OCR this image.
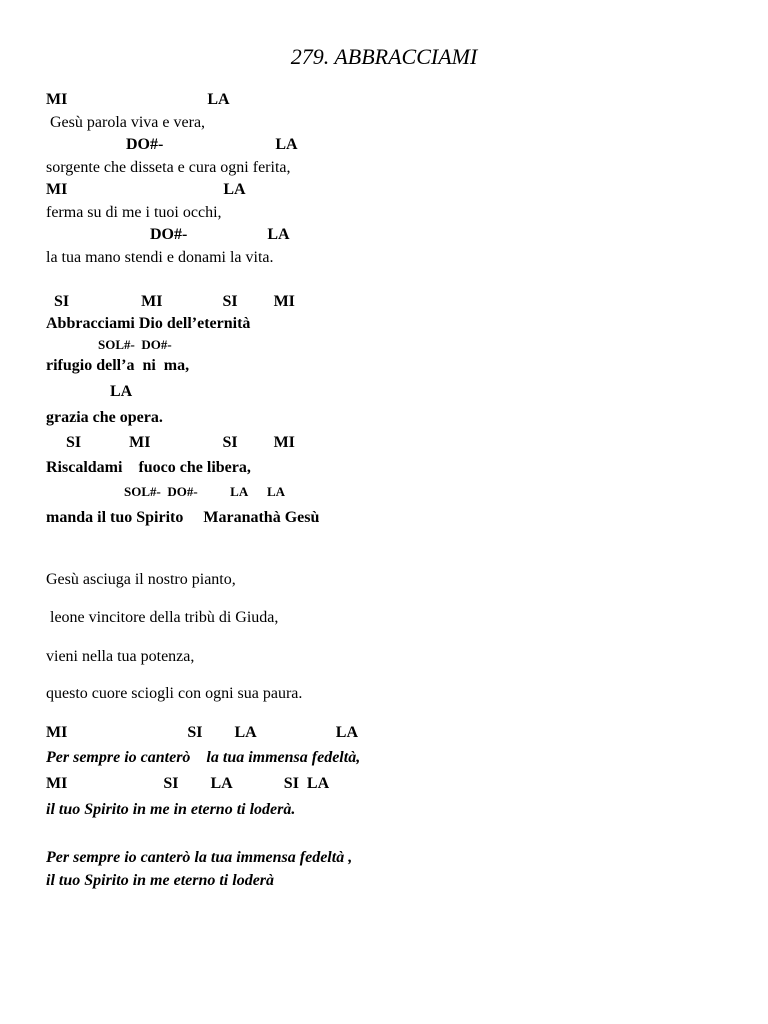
279. ABBRACCIAMI
MI                                   LA
Gesù parola viva e vera,
DO#-                            LA
sorgente che disseta e cura ogni ferita,
MI                                       LA
ferma su di me i tuoi occhi,
DO#-                    LA
la tua mano stendi e donami la vita.
SI                  MI               SI         MI
Abbracciami Dio dell’eternità
SOL#-  DO#-
rifugio dell’a  ni  ma,
LA
grazia che opera.
SI            MI                  SI         MI
Riscaldami    fuoco che libera,
SOL#-  DO#-          LA      LA
manda il tuo Spirito     Maranathà Gesù
Gesù asciuga il nostro pianto,
leone vincitore della tribù di Giuda,
vieni nella tua potenza,
questo cuore sciogli con ogni sua paura.
MI                              SI        LA                    LA
Per sempre io canterò    la tua immensa fedeltà,
MI                        SI        LA             SI  LA
il tuo Spirito in me in eterno ti loderà.
Per sempre io canterò la tua immensa fedeltà ,
il tuo Spirito in me eterno ti loderà
